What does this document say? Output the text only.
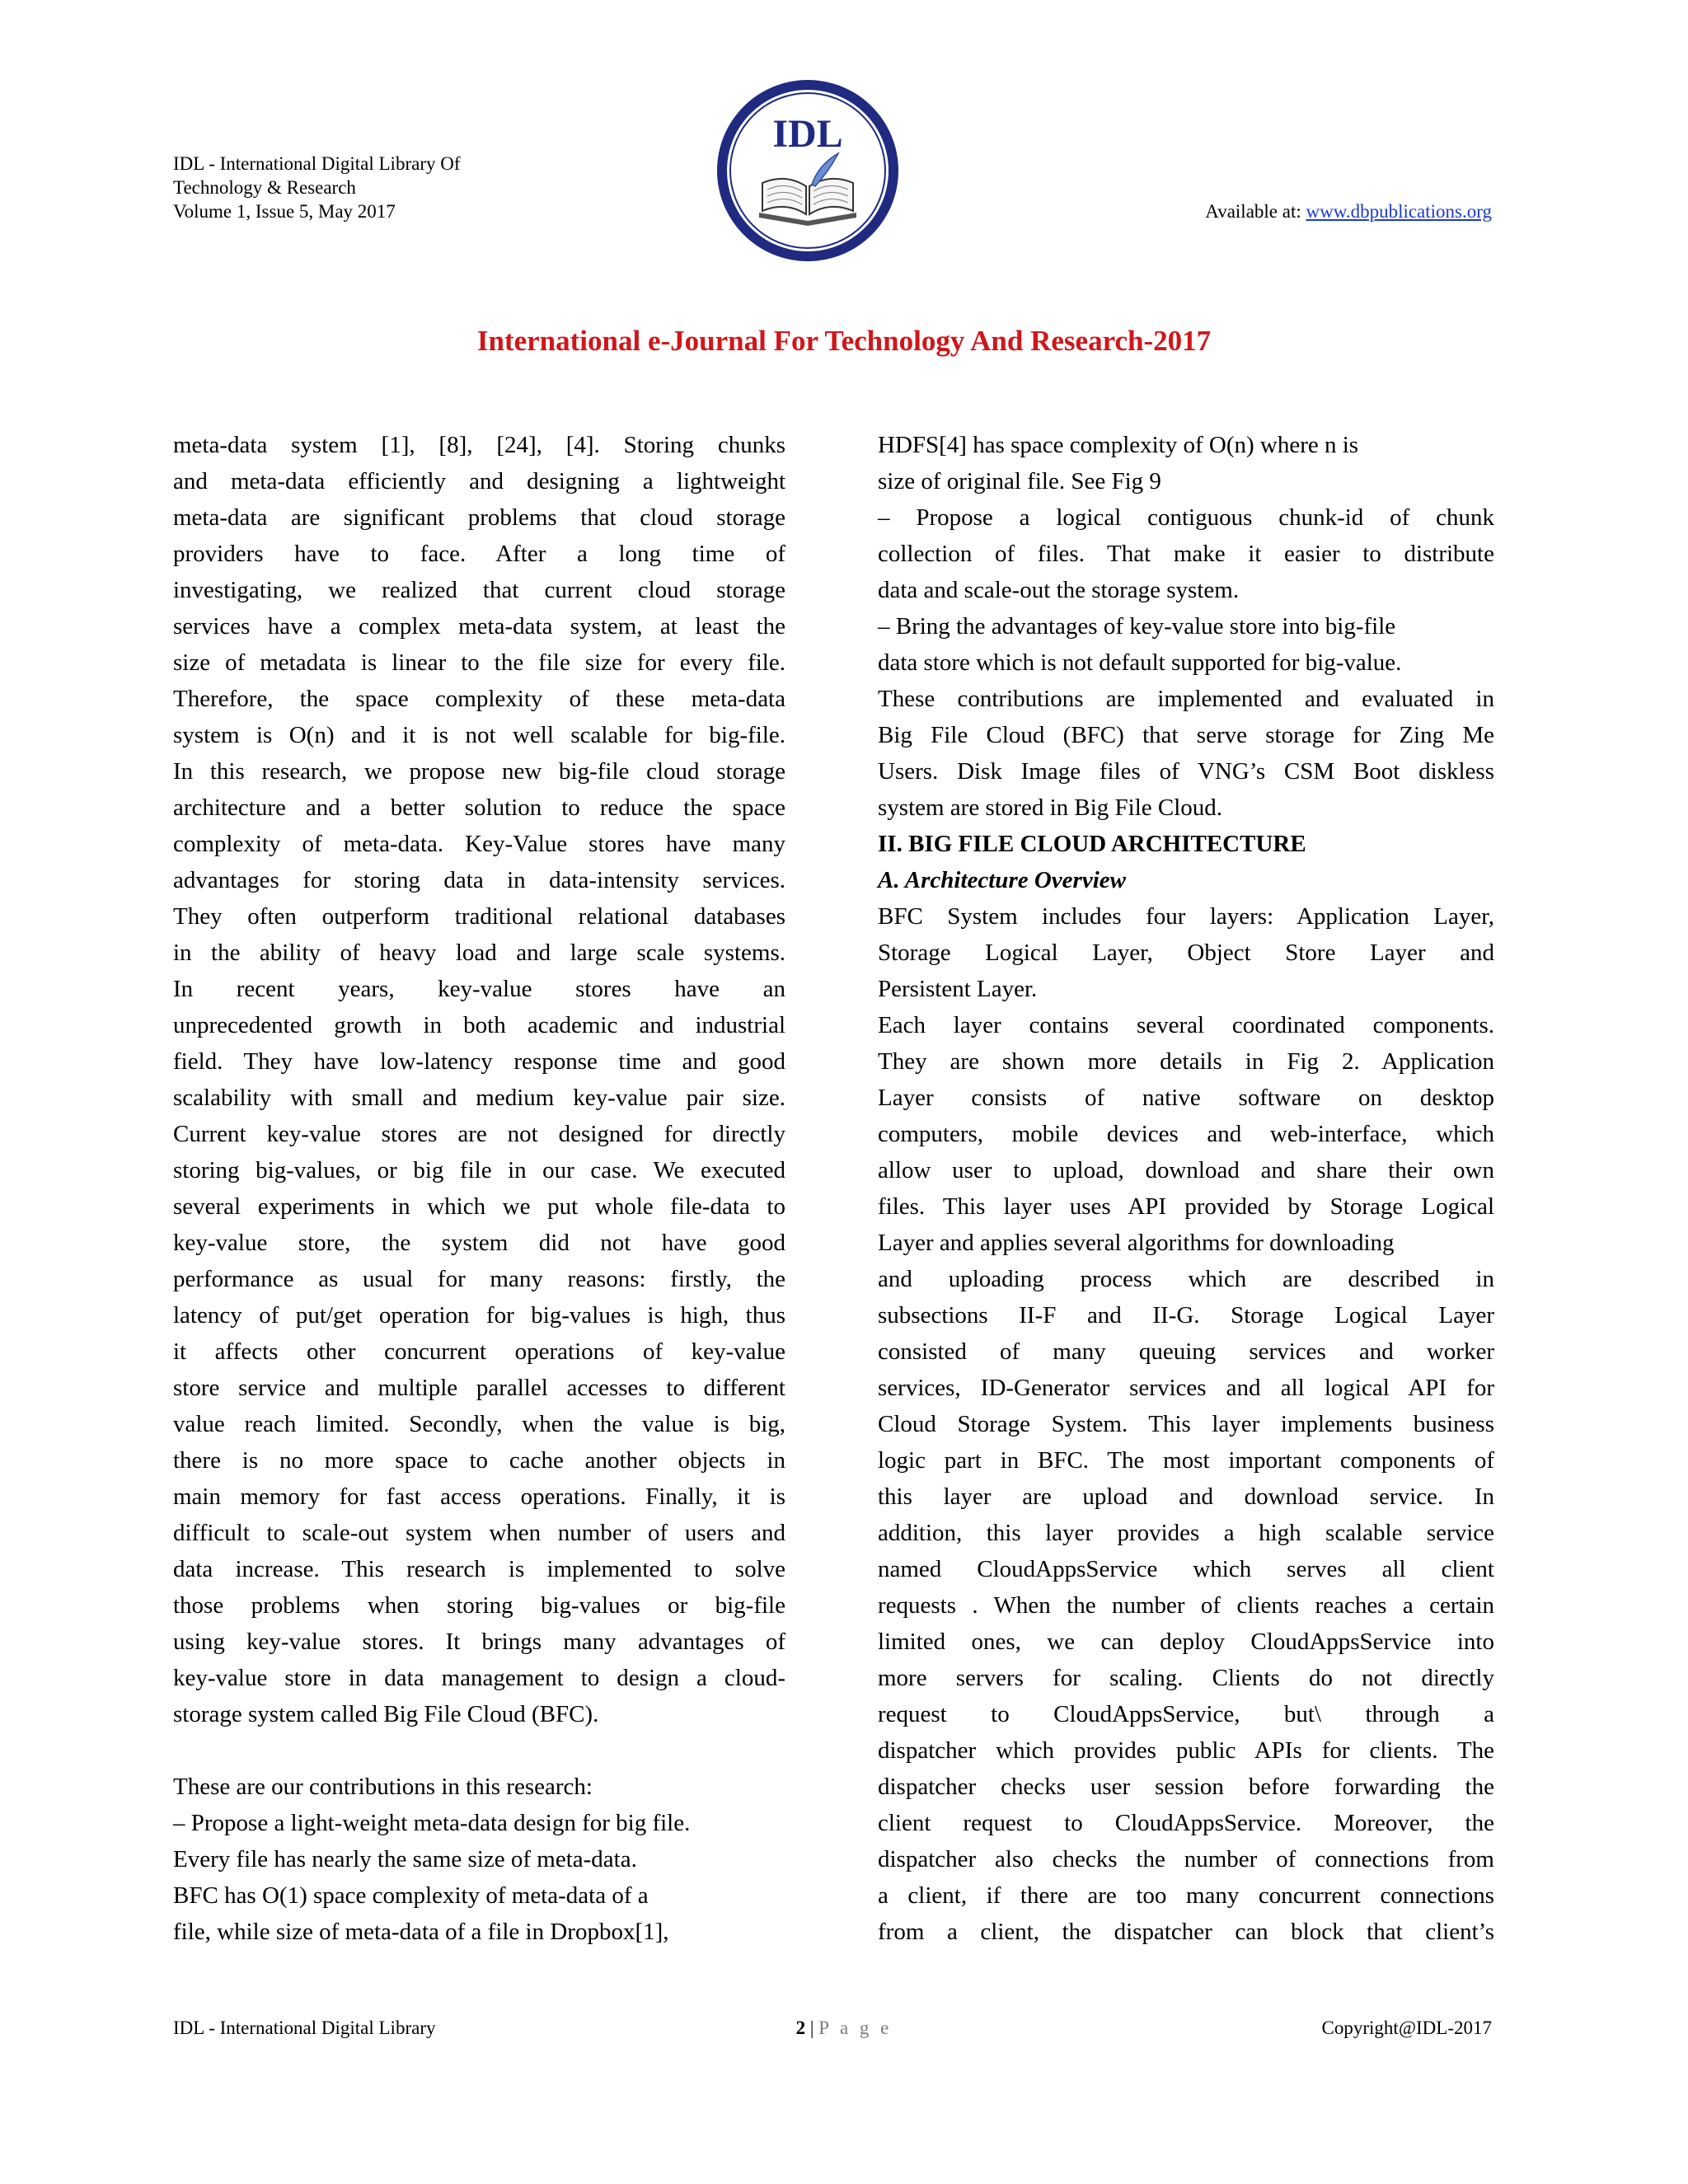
IDL - International Digital Library Of
Technology & Research
Volume 1, Issue 5, May 2017
IDL
Available at: www.dbpublications.org
International e-Journal For Technology And Research-2017

meta-data system [1], [8], [24], [4]. Storing chunks

and meta-data efficiently and designing a lightweight

meta-data are significant problems that cloud storage

providers have to face. After a long time of

investigating, we realized that current cloud storage

services have a complex meta-data system, at least the

size of metadata is linear to the file size for every file.

Therefore, the space complexity of these meta-data

system is O(n) and it is not well scalable for big-file.

In this research, we propose new big-file cloud storage

architecture and a better solution to reduce the space

complexity of meta-data. Key-Value stores have many

advantages for storing data in data-intensity services.

They often outperform traditional relational databases

in the ability of heavy load and large scale systems.

In recent years, key-value stores have an

unprecedented growth in both academic and industrial

field. They have low-latency response time and good

scalability with small and medium key-value pair size.

Current key-value stores are not designed for directly

storing big-values, or big file in our case. We executed

several experiments in which we put whole file-data to

key-value store, the system did not have good

performance as usual for many reasons: firstly, the

latency of put/get operation for big-values is high, thus

it affects other concurrent operations of key-value

store service and multiple parallel accesses to different

value reach limited. Secondly, when the value is big,

there is no more space to cache another objects in

main memory for fast access operations. Finally, it is

difficult to scale-out system when number of users and

data increase. This research is implemented to solve

those problems when storing big-values or big-file

using key-value stores. It brings many advantages of

key-value store in data management to design a cloud-

storage system called Big File Cloud (BFC).

These are our contributions in this research:

– Propose a light-weight meta-data design for big file.

Every file has nearly the same size of meta-data.

BFC has O(1) space complexity of meta-data of a

file, while size of meta-data of a file in Dropbox[1],

HDFS[4] has space complexity of O(n) where n is

size of original file. See Fig 9

– Propose a logical contiguous chunk-id of chunk

collection of files. That make it easier to distribute

data and scale-out the storage system.

– Bring the advantages of key-value store into big-file

data store which is not default supported for big-value.

These contributions are implemented and evaluated in

Big File Cloud (BFC) that serve storage for Zing Me

Users. Disk Image files of VNG’s CSM Boot diskless

system are stored in Big File Cloud.

II. BIG FILE CLOUD ARCHITECTURE

A. Architecture Overview

BFC System includes four layers: Application Layer,

Storage Logical Layer, Object Store Layer and

Persistent Layer.

Each layer contains several coordinated components.

They are shown more details in Fig 2. Application

Layer consists of native software on desktop

computers, mobile devices and web-interface, which

allow user to upload, download and share their own

files. This layer uses API provided by Storage Logical

Layer and applies several algorithms for downloading

and uploading process which are described in

subsections II-F and II-G. Storage Logical Layer

consisted of many queuing services and worker

services, ID-Generator services and all logical API for

Cloud Storage System. This layer implements business

logic part in BFC. The most important components of

this layer are upload and download service. In

addition, this layer provides a high scalable service

named CloudAppsService which serves all client

requests . When the number of clients reaches a certain

limited ones, we can deploy CloudAppsService into

more servers for scaling. Clients do not directly

request to CloudAppsService, but\ through a

dispatcher which provides public APIs for clients. The

dispatcher checks user session before forwarding the

client request to CloudAppsService. Moreover, the

dispatcher also checks the number of connections from

a client, if there are too many concurrent connections

from a client, the dispatcher can block that client’s

IDL - International Digital Library	2 | P a g e	Copyright@IDL-2017
